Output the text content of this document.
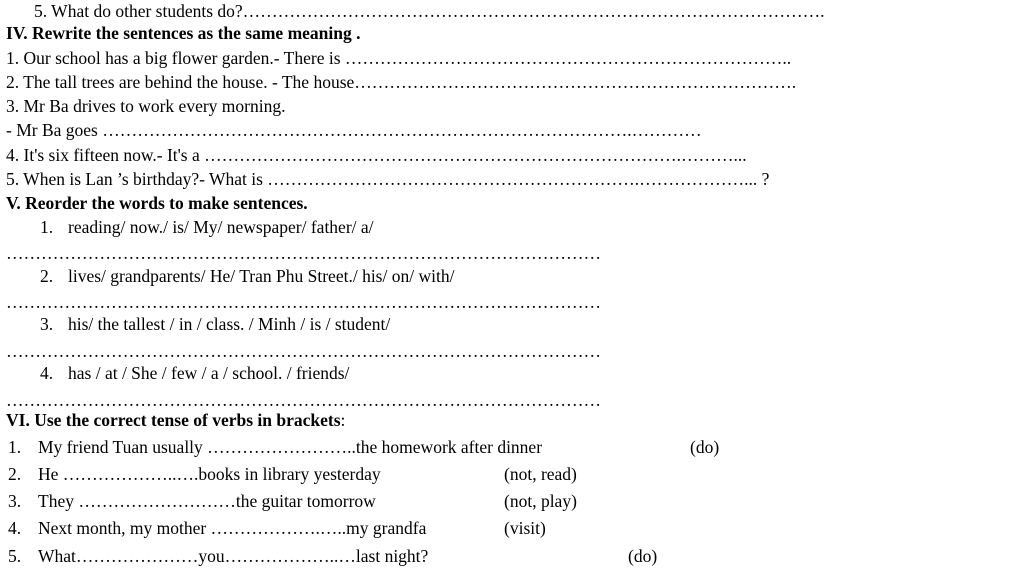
5. What do other students do?……………………………………………………………………………………….
IV. Rewrite the sentences as the same meaning .
1. Our school has a big flower garden.- There is …………………………………………………………………..
2. The tall trees are behind the house. - The house………………………………………………………………….
3. Mr Ba drives to work every morning.
- Mr Ba goes ……………………………………………………………………………….…………
4. It's six fifteen now.- It's a ……………………………………………………………………….………...
5. When is Lan ’s birthday?- What is ……………………………………………………….………………... ?
V. Reorder the words to make sentences.
1. reading/ now./ is/ My/ newspaper/ father/ a/
…………………………………………………………………………………………
2. lives/ grandparents/ He/ Tran Phu Street./ his/ on/ with/
…………………………………………………………………………………………
3. his/ the tallest / in / class. / Minh / is / student/
…………………………………………………………………………………………
4. has / at / She / few / a / school. / friends/
…………………………………………………………………………………………
VI. Use the correct tense of verbs in brackets:
1. My friend Tuan usually ……………………..the homework after dinner	(do)
2. He ………………..….books in library yesterday	(not, read)
3. They ………………………the guitar tomorrow	(not, play)
4. Next month, my mother ……………….…..my grandfa	(visit)
5. What…………………you………………..…last night?	(do)
